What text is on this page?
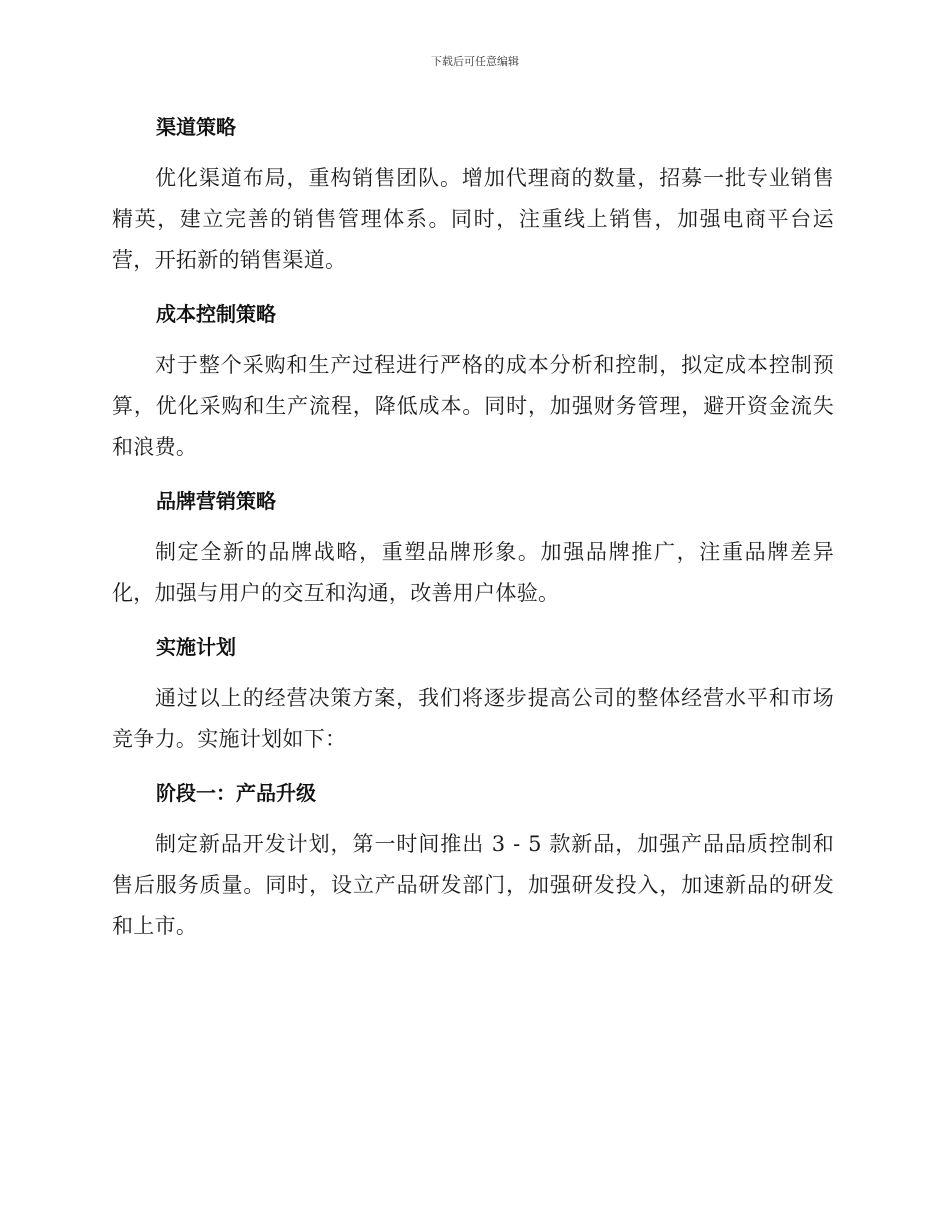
下载后可任意编辑
渠道策略

优化渠道布局，重构销售团队。增加代理商的数量，招募一批专业销售精英，建立完善的销售管理体系。同时，注重线上销售，加强电商平台运营，开拓新的销售渠道。

成本控制策略

对于整个采购和生产过程进行严格的成本分析和控制，拟定成本控制预算，优化采购和生产流程，降低成本。同时，加强财务管理，避开资金流失和浪费。

品牌营销策略

制定全新的品牌战略，重塑品牌形象。加强品牌推广，注重品牌差异化，加强与用户的交互和沟通，改善用户体验。

实施计划

通过以上的经营决策方案，我们将逐步提高公司的整体经营水平和市场竞争力。实施计划如下：

阶段一：产品升级

制定新品开发计划，第一时间推出 3 - 5 款新品，加强产品品质控制和售后服务质量。同时，设立产品研发部门，加强研发投入，加速新品的研发和上市。
